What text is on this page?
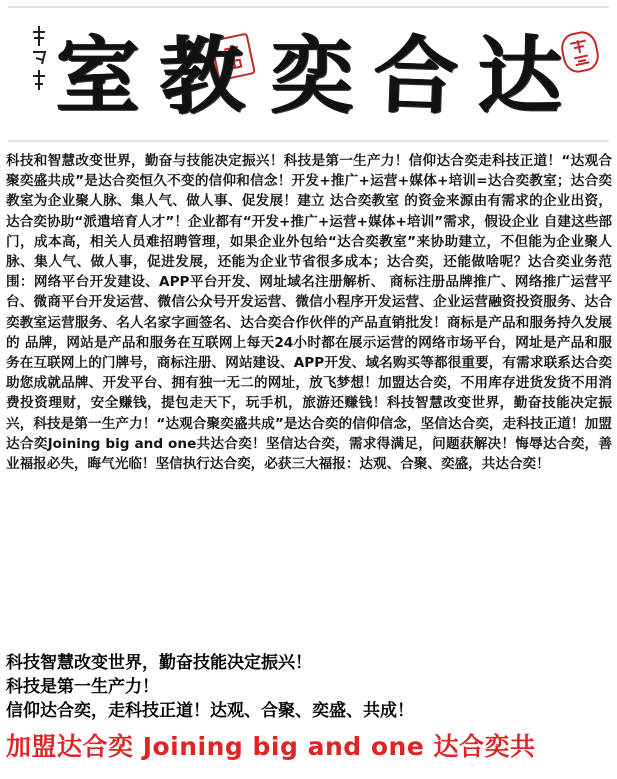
室 教 奕 合 达

科技和智慧改变世界，勤奋与技能决定振兴！科技是第一生产力！信仰达合奕走科技正道！“达观合聚奕盛共成”是达合奕恒久不变的信仰和信念！开发+推广+运营+媒体+培训=达合奕教室；达合奕教室为企业聚人脉、集人气、做人事、促发展！建立 达合奕教室 的资金来源由有需求的企业出资，达合奕协助“派遣培育人才”！企业都有“开发+推广+运营+媒体+培训”需求，假设企业 自建这些部门，成本高，相关人员难招聘管理，如果企业外包给“达合奕教室”来协助建立，不但能为企业聚人脉、集人气、做人事，促进发展，还能为企业节省很多成本；达合奕，还能做啥呢？达合奕业务范围：网络平台开发建设、APP平台开发、网址域名注册解析、 商标注册品牌推广、网络推广运营平台、微商平台开发运营、微信公众号开发运营、微信小程序开发运营、企业运营融资投资服务、达合奕教室运营服务、名人名家字画签名、达合奕合作伙伴的产品直销批发！商标是产品和服务持久发展的 品牌，网站是产品和服务在互联网上每天24小时都在展示运营的网络市场平台，网址是产品和服务在互联网上的门牌号，商标注册、网站建设、APP开发、域名购买等都很重要，有需求联系达合奕助您成就品牌、开发平台、拥有独一无二的网址，放飞梦想！加盟达合奕，不用库存进货发货不用消费投资理财，安全赚钱，提包走天下，玩手机，旅游还赚钱！科技智慧改变世界，勤奋技能决定振兴，科技是第一生产力！“达观合聚奕盛共成”是达合奕的信仰信念，坚信达合奕，走科技正道！加盟达合奕Joining big and one共达合奕！坚信达合奕，需求得满足，问题获解决！悔辱达合奕，善业福报必失，晦气光临！坚信执行达合奕，必获三大福报：达观、合聚、奕盛，共达合奕！

科技智慧改变世界，勤奋技能决定振兴！
科技是第一生产力！
信仰达合奕，走科技正道！达观、合聚、奕盛、共成！
加盟达合奕 Joining big and one 达合奕共
